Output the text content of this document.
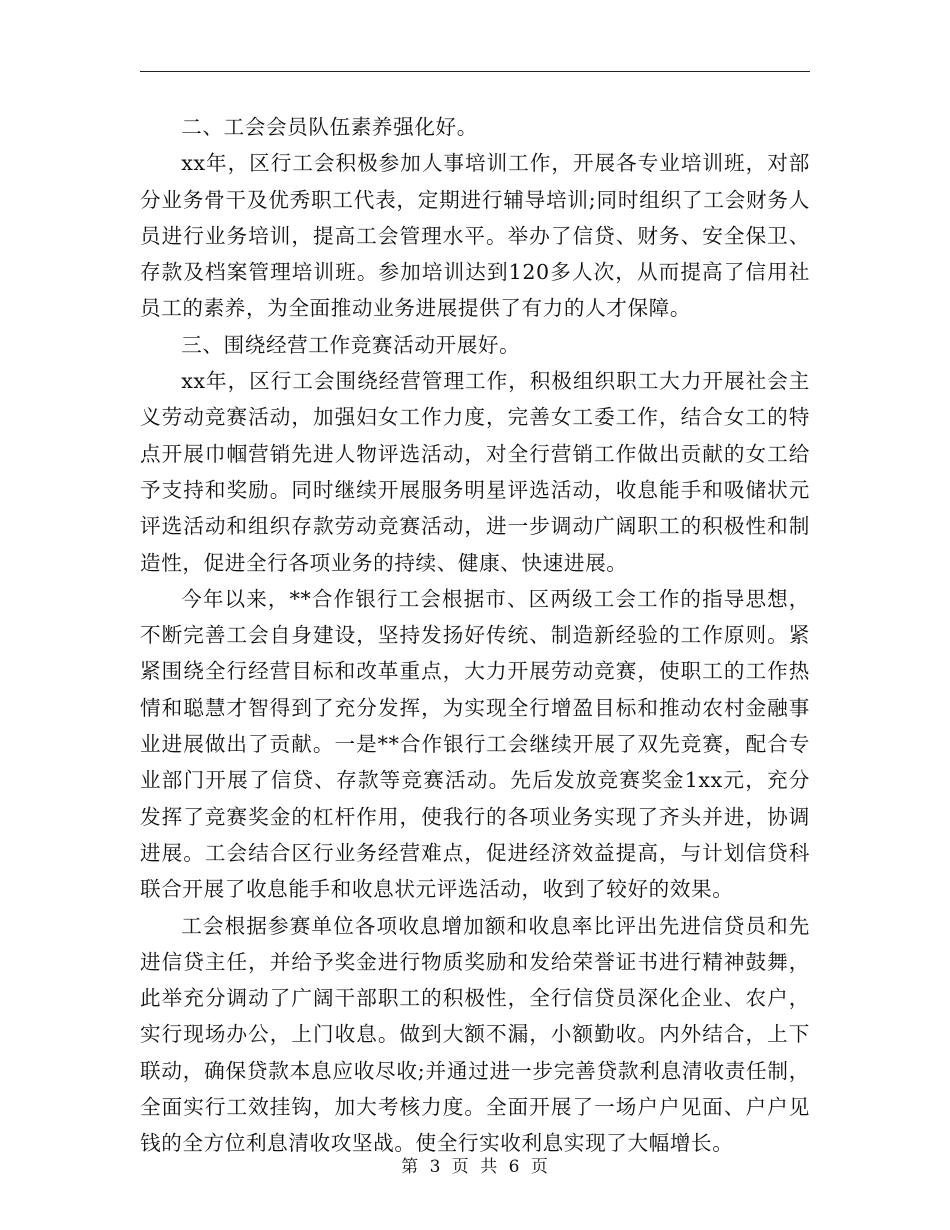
二、工会会员队伍素养强化好。

xx年，区行工会积极参加人事培训工作，开展各专业培训班，对部分业务骨干及优秀职工代表，定期进行辅导培训;同时组织了工会财务人员进行业务培训，提高工会管理水平。举办了信贷、财务、安全保卫、存款及档案管理培训班。参加培训达到120多人次，从而提高了信用社员工的素养，为全面推动业务进展提供了有力的人才保障。

三、围绕经营工作竞赛活动开展好。

xx年，区行工会围绕经营管理工作，积极组织职工大力开展社会主义劳动竞赛活动，加强妇女工作力度，完善女工委工作，结合女工的特点开展巾帼营销先进人物评选活动，对全行营销工作做出贡献的女工给予支持和奖励。同时继续开展服务明星评选活动，收息能手和吸储状元评选活动和组织存款劳动竞赛活动，进一步调动广阔职工的积极性和制造性，促进全行各项业务的持续、健康、快速进展。

今年以来，**合作银行工会根据市、区两级工会工作的指导思想，不断完善工会自身建设，坚持发扬好传统、制造新经验的工作原则。紧紧围绕全行经营目标和改革重点，大力开展劳动竞赛，使职工的工作热情和聪慧才智得到了充分发挥，为实现全行增盈目标和推动农村金融事业进展做出了贡献。一是**合作银行工会继续开展了双先竞赛，配合专业部门开展了信贷、存款等竞赛活动。先后发放竞赛奖金1xx元，充分发挥了竞赛奖金的杠杆作用，使我行的各项业务实现了齐头并进，协调进展。工会结合区行业务经营难点，促进经济效益提高，与计划信贷科联合开展了收息能手和收息状元评选活动，收到了较好的效果。

工会根据参赛单位各项收息增加额和收息率比评出先进信贷员和先进信贷主任，并给予奖金进行物质奖励和发给荣誉证书进行精神鼓舞，此举充分调动了广阔干部职工的积极性，全行信贷员深化企业、农户，实行现场办公，上门收息。做到大额不漏，小额勤收。内外结合，上下联动，确保贷款本息应收尽收;并通过进一步完善贷款利息清收责任制，全面实行工效挂钩，加大考核力度。全面开展了一场户户见面、户户见钱的全方位利息清收攻坚战。使全行实收利息实现了大幅增长。

第 3 页 共 6 页
